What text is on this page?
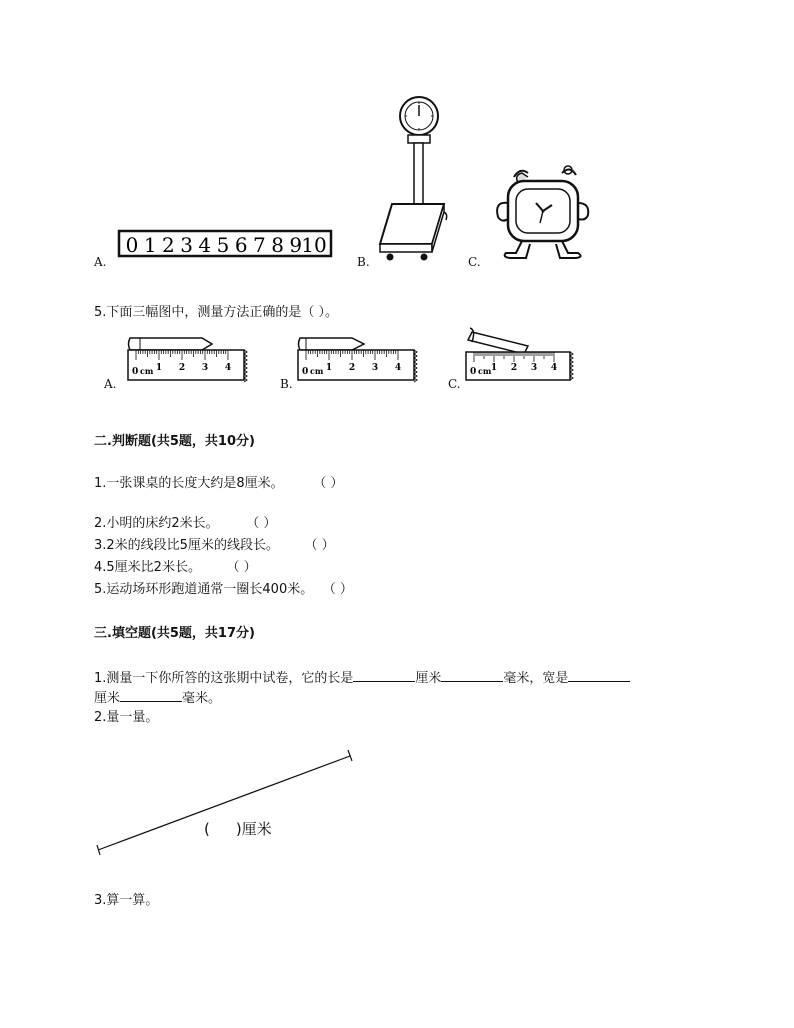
A.
0 1 2 3 4 5 6 7 8 9 10
B.	C.
5.下面三幅图中，测量方法正确的是（ ）。
A.
0 cm 1 2 3 4
B.
0 cm 1 2 3 4
C.
0 cm 1 2 3 4
二.判断题(共5题，共10分)
1.一张课桌的长度大约是8厘米。	（ ）
2.小明的床约2米长。	（ ）
3.2米的线段比5厘米的线段长。 （ ）
4.5厘米比2米长。 （ ）
5.运动场环形跑道通常一圈长400米。 （ ）
三.填空题(共5题，共17分)
1.测量一下你所答的这张期中试卷，它的长是	厘米	毫米，宽是
厘米	毫米。
2.量一量。
( )厘米
3.算一算。
